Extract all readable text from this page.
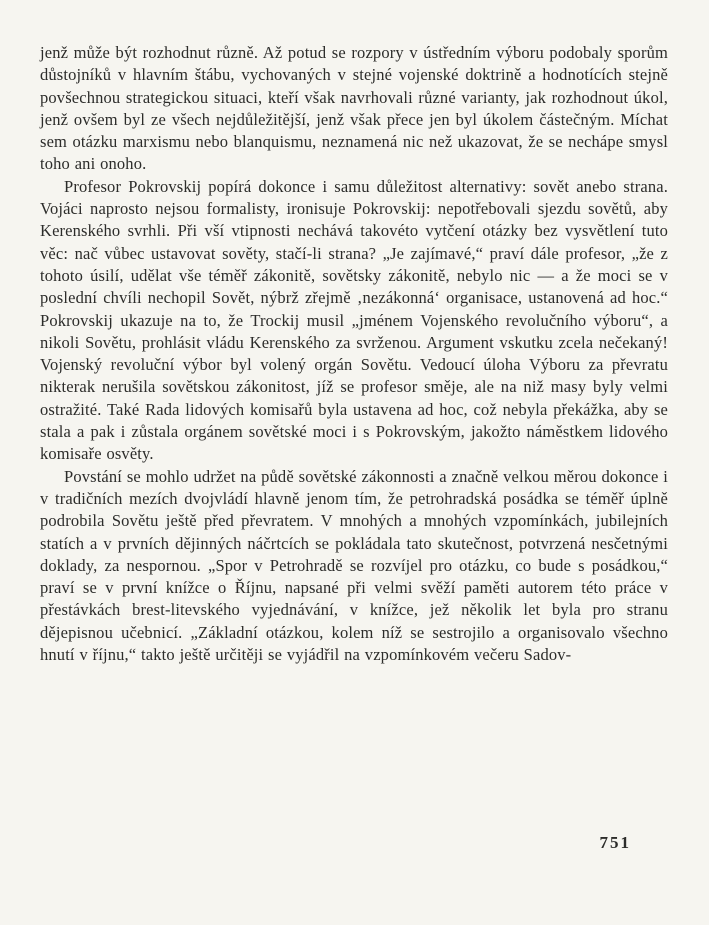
jenž může být rozhodnut různě. Až potud se rozpory v ústředním výboru podobaly sporům důstojníků v hlavním štábu, vychovaných v stejné vojenské doktrině a hodnotících stejně povšechnou strategickou situaci, kteří však navrhovali různé varianty, jak rozhodnout úkol, jenž ovšem byl ze všech nejdůležitější, jenž však přece jen byl úkolem částečným. Míchat sem otázku marxismu nebo blanquismu, neznamená nic než ukazovat, že se nechápe smysl toho ani onoho.

Profesor Pokrovskij popírá dokonce i samu důležitost alternativy: sovět anebo strana. Vojáci naprosto nejsou formalisty, ironisuje Pokrovskij: nepotřebovali sjezdu sovětů, aby Kerenského svrhli. Při vší vtipnosti nechává takovéto vytčení otázky bez vysvětlení tuto věc: nač vůbec ustavovat sověty, stačí-li strana? „Je zajímavé,“ praví dále profesor, „že z tohoto úsilí, udělat vše téměř zákonitě, sovětsky zákonitě, nebylo nic — a že moci se v poslední chvíli nechopil Sovět, nýbrž zřejmě ‚nezákonná‘ organisace, ustanovená ad hoc.“ Pokrovskij ukazuje na to, že Trockij musil „jménem Vojenského revolučního výboru“, a nikoli Sovětu, prohlásit vládu Kerenského za svrženou. Argument vskutku zcela nečekaný! Vojenský revoluční výbor byl volený orgán Sovětu. Vedoucí úloha Výboru za převratu nikterak nerušila sovětskou zákonitost, jíž se profesor směje, ale na niž masy byly velmi ostražité. Také Rada lidových komisařů byla ustavena ad hoc, což nebyla překážka, aby se stala a pak i zůstala orgánem sovětské moci i s Pokrovským, jakožto náměstkem lidového komisaře osvěty.

Povstání se mohlo udržet na půdě sovětské zákonnosti a značně velkou měrou dokonce i v tradičních mezích dvojvládí hlavně jenom tím, že petrohradská posádka se téměř úplně podrobila Sovětu ještě před převratem. V mnohých a mnohých vzpomínkách, jubilejních statích a v prvních dějinných náčrtcích se pokládala tato skutečnost, potvrzená nesčetnými doklady, za nespornou. „Spor v Petrohradě se rozvíjel pro otázku, co bude s posádkou,“ praví se v první knížce o Říjnu, napsané při velmi svěží paměti autorem této práce v přestávkách brest-litevského vyjednávání, v knížce, jež několik let byla pro stranu dějepisnou učebnicí. „Základní otázkou, kolem níž se sestrojilo a organisovalo všechno hnutí v říjnu,“ takto ještě určitěji se vyjádřil na vzpomínkovém večeru Sadov-

751
